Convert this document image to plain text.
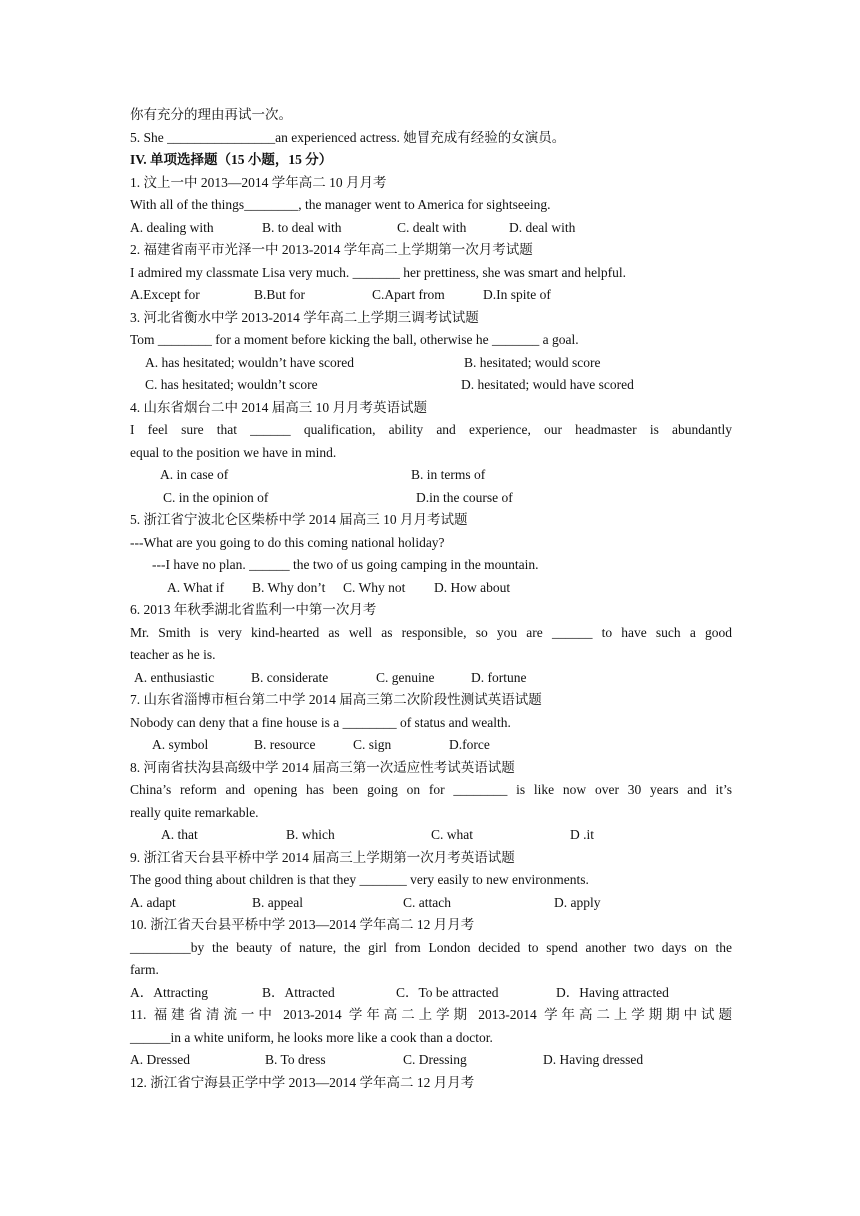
你有充分的理由再试一次。
5. She ________________an experienced actress. 她冒充成有经验的女演员。
IV. 单项选择题（15 小题，15 分）
1. 汶上一中 2013—2014 学年高二 10 月月考
With all of the things________, the manager went to America for sightseeing.
A. dealing with	B. to deal with	C. dealt with	D. deal with
2. 福建省南平市光泽一中 2013-2014 学年高二上学期第一次月考试题
I admired my classmate Lisa very much. _______ her prettiness, she was smart and helpful.
A.Except for	B.But for	C.Apart from	D.In spite of
3. 河北省衡水中学 2013-2014 学年高二上学期三调考试试题
Tom ________ for a moment before kicking the ball, otherwise he _______ a goal.
A. has hesitated; wouldn’t have scored	B. hesitated; would score
C. has hesitated; wouldn’t score	D. hesitated; would have scored
4. 山东省烟台二中 2014 届高三 10 月月考英语试题
I feel sure that ______ qualification, ability and experience, our headmaster is abundantly
equal to the position we have in mind.
A. in case of	B. in terms of
C. in the opinion of	D.in the course of
5. 浙江省宁波北仑区柴桥中学 2014 届高三 10 月月考试题
---What are you going to do this coming national holiday?
---I have no plan. ______ the two of us going camping in the mountain.
A. What if	B. Why don’t	C. Why not	D. How about
6. 2013 年秋季湖北省监利一中第一次月考
Mr. Smith is very kind-hearted as well as responsible, so you are ______ to have such a good
teacher as he is.
A. enthusiastic	B. considerate	C. genuine	D. fortune
7. 山东省淄博市桓台第二中学 2014 届高三第二次阶段性测试英语试题
Nobody can deny that a fine house is a ________ of status and wealth.
A. symbol	B. resource	C. sign	D.force
8. 河南省扶沟县高级中学 2014 届高三第一次适应性考试英语试题
China’s reform and opening has been going on for ________ is like now over 30 years and it’s
really quite remarkable.
A. that	B. which	C. what	D .it
9. 浙江省天台县平桥中学 2014 届高三上学期第一次月考英语试题
The good thing about children is that they _______ very easily to new environments.
A. adapt	B. appeal	C. attach	D. apply
10. 浙江省天台县平桥中学 2013—2014 学年高二 12 月月考
_________by the beauty of nature, the girl from London decided to spend another two days on the
farm.
A．Attracting	B．Attracted	C．To be attracted	D．Having attracted
11. 福建省清流一中 2013-2014 学年高二上学期 2013-2014 学年高二上学期期中试题
______in a white uniform, he looks more like a cook than a doctor.
A. Dressed	B. To dress	C. Dressing	D. Having dressed
12. 浙江省宁海县正学中学 2013—2014 学年高二 12 月月考
